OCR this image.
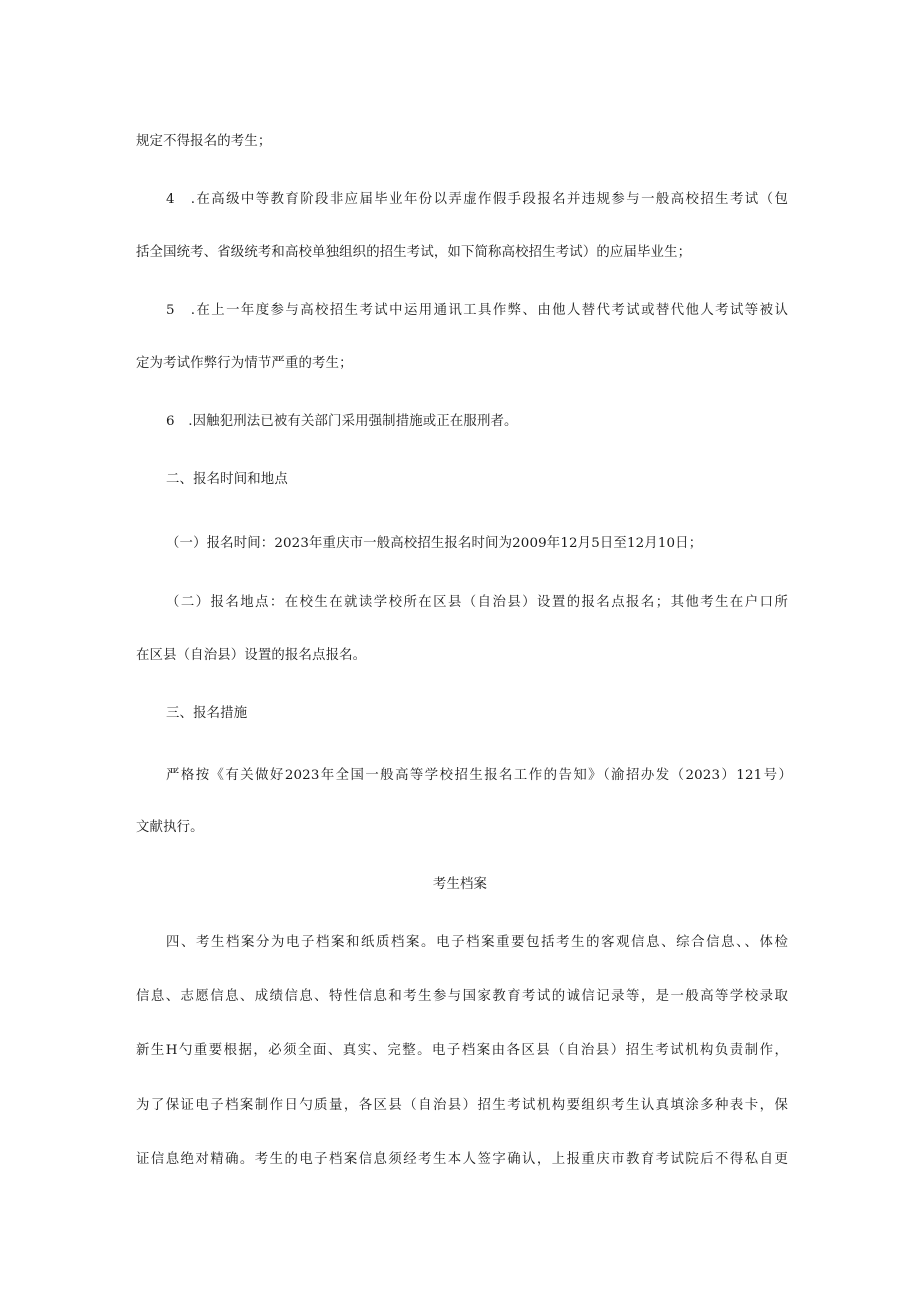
规定不得报名的考生；

4　.在高级中等教育阶段非应届毕业年份以弄虚作假手段报名并违规参与一般高校招生考试（包

括全国统考、省级统考和高校单独组织的招生考试，如下简称高校招生考试）的应届毕业生；

5　.在上一年度参与高校招生考试中运用通讯工具作弊、由他人替代考试或替代他人考试等被认

定为考试作弊行为情节严重的考生；

6　.因触犯刑法已被有关部门采用强制措施或正在服刑者。

二、报名时间和地点

（一）报名时间：2023年重庆市一般高校招生报名时间为2009年12月5日至12月10日；

（二）报名地点：在校生在就读学校所在区县（自治县）设置的报名点报名；其他考生在户口所

在区县（自治县）设置的报名点报名。

三、报名措施

严格按《有关做好2023年全国一般高等学校招生报名工作的告知》（渝招办发（2023）121号）

文献执行。

考生档案

四、考生档案分为电子档案和纸质档案。电子档案重要包括考生的客观信息、综合信息、、体检

信息、志愿信息、成绩信息、特性信息和考生参与国家教育考试的诚信记录等，是一般高等学校录取

新生H勺重要根据，必须全面、真实、完整。电子档案由各区县（自治县）招生考试机构负责制作，

为了保证电子档案制作日勺质量，各区县（自治县）招生考试机构要组织考生认真填涂多种表卡，保

证信息绝对精确。考生的电子档案信息须经考生本人签字确认，上报重庆市教育考试院后不得私自更
